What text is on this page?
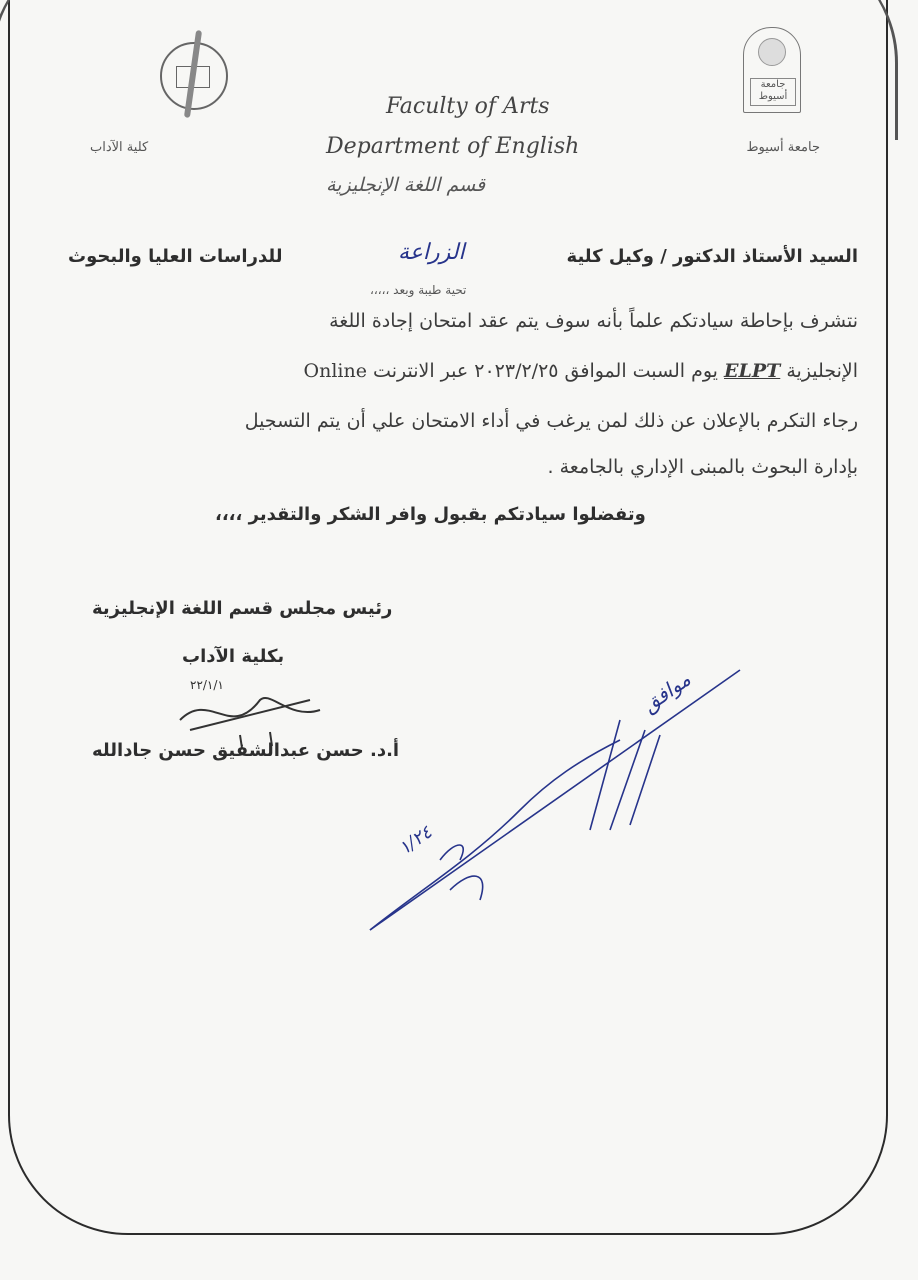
جامعة
أسيوط
جامعة أسيوط
كلية الآداب
Faculty of Arts
Department of English
قسم اللغة الإنجليزية
السيد الأستاذ الدكتور / وكيل كلية
الزراعة
للدراسات العليا والبحوث
تحية طيبة وبعد ،،،،،
نتشرف بإحاطة سيادتكم علماً بأنه سوف يتم عقد امتحان إجادة اللغة
الإنجليزية ELPT يوم السبت الموافق ٢٠٢٣/٢/٢٥ عبر الانترنت Online
رجاء التكرم بالإعلان عن ذلك لمن يرغب في أداء الامتحان علي أن يتم التسجيل
بإدارة البحوث بالمبنى الإداري بالجامعة .
وتفضلوا سيادتكم بقبول وافر الشكر والتقدير ،،،،
رئيس مجلس قسم اللغة الإنجليزية
بكلية الآداب
٢٢/١/١
أ.د. حسن عبدالشفيق حسن جادالله
موافق
١/٢٤
